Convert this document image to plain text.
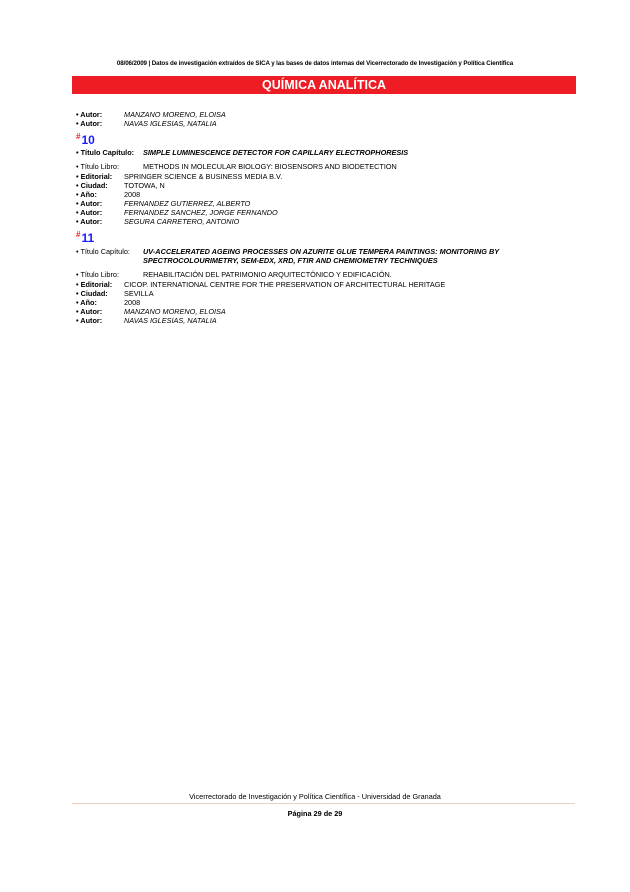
08/06/2009 | Datos de investigación extraídos de SICA y las bases de datos internas del Vicerrectorado de Investigación y Política Científica
QUÍMICA ANALÍTICA
• Autor:	MANZANO MORENO, ELOISA
• Autor:	NAVAS IGLESIAS, NATALIA
#10
• Título Capítulo: SIMPLE LUMINESCENCE DETECTOR FOR CAPILLARY ELECTROPHORESIS
• Título Libro:	METHODS IN MOLECULAR BIOLOGY: BIOSENSORS AND BIODETECTION
• Editorial: SPRINGER SCIENCE & BUSINESS MEDIA B.V.
• Ciudad: TOTOWA, N
• Año:	2008
• Autor:	FERNANDEZ GUTIERREZ, ALBERTO
• Autor:	FERNANDEZ SANCHEZ, JORGE FERNANDO
• Autor:	SEGURA CARRETERO, ANTONIO
#11
• Título Capítulo: UV-ACCELERATED AGEING PROCESSES ON AZURITE GLUE TEMPERA PAINTINGS: MONITORING BY
SPECTROCOLOURIMETRY, SEM-EDX, XRD, FTIR AND CHEMIOMETRY TECHNIQUES
• Título Libro:	REHABILITACIÓN DEL PATRIMONIO ARQUITECTÓNICO Y EDIFICACIÓN.
• Editorial: CICOP. INTERNATIONAL CENTRE FOR THE PRESERVATION OF ARCHITECTURAL HERITAGE
• Ciudad: SEVILLA
• Año:	2008
• Autor:	MANZANO MORENO, ELOISA
• Autor:	NAVAS IGLESIAS, NATALIA
Vicerrectorado de Investigación y Política Científica - Universidad de Granada
Página 29 de 29
